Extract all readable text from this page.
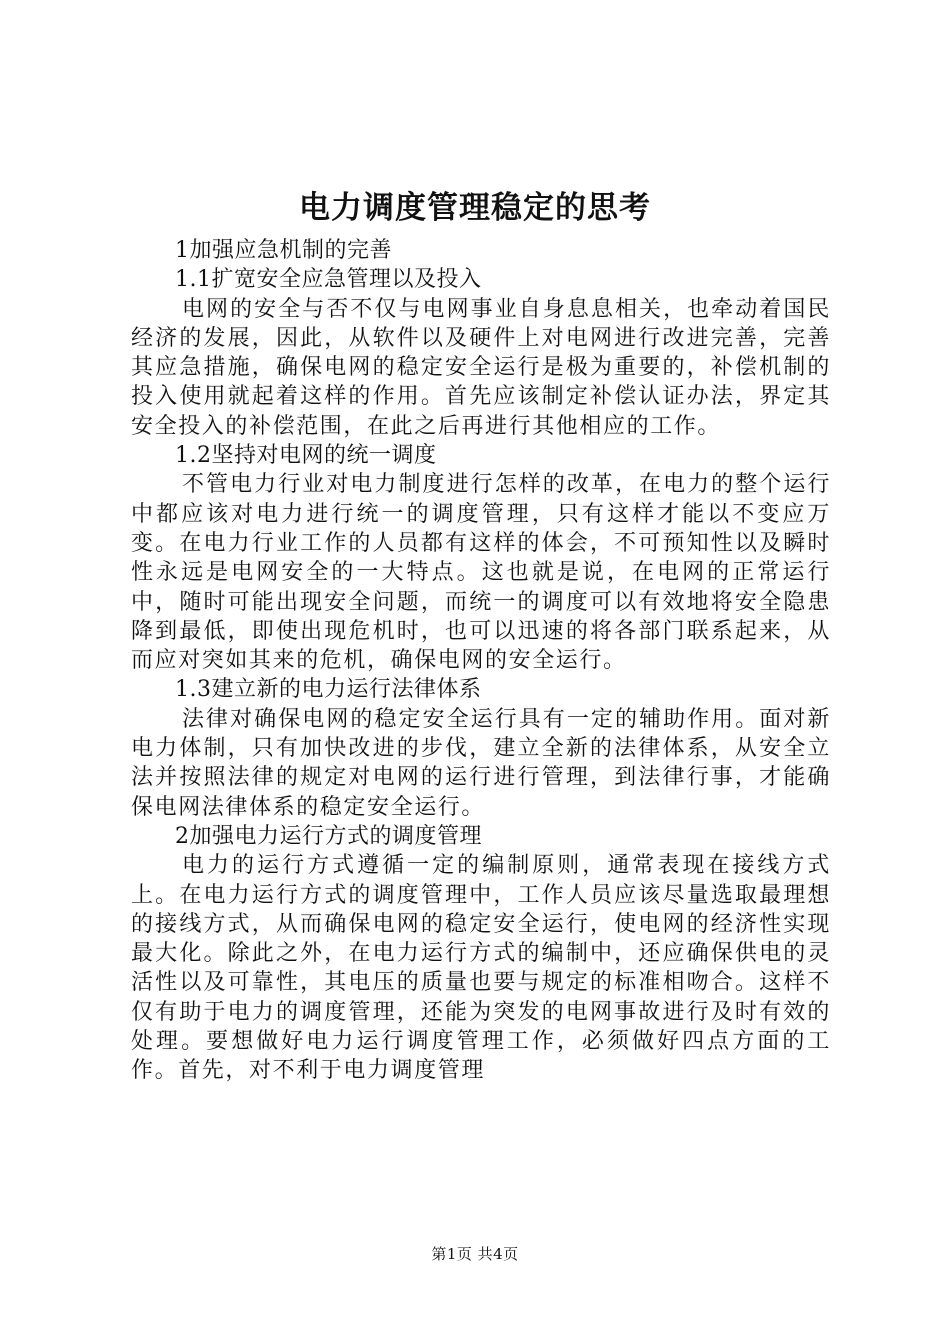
电力调度管理稳定的思考

1加强应急机制的完善

1.1扩宽安全应急管理以及投入

电网的安全与否不仅与电网事业自身息息相关，也牵动着国民经济的发展，因此，从软件以及硬件上对电网进行改进完善，完善其应急措施，确保电网的稳定安全运行是极为重要的，补偿机制的投入使用就起着这样的作用。首先应该制定补偿认证办法，界定其安全投入的补偿范围，在此之后再进行其他相应的工作。

1.2坚持对电网的统一调度

不管电力行业对电力制度进行怎样的改革，在电力的整个运行中都应该对电力进行统一的调度管理，只有这样才能以不变应万变。在电力行业工作的人员都有这样的体会，不可预知性以及瞬时性永远是电网安全的一大特点。这也就是说，在电网的正常运行中，随时可能出现安全问题，而统一的调度可以有效地将安全隐患降到最低，即使出现危机时，也可以迅速的将各部门联系起来，从而应对突如其来的危机，确保电网的安全运行。

1.3建立新的电力运行法律体系

法律对确保电网的稳定安全运行具有一定的辅助作用。面对新电力体制，只有加快改进的步伐，建立全新的法律体系，从安全立法并按照法律的规定对电网的运行进行管理，到法律行事，才能确保电网法律体系的稳定安全运行。

2加强电力运行方式的调度管理

电力的运行方式遵循一定的编制原则，通常表现在接线方式上。在电力运行方式的调度管理中，工作人员应该尽量选取最理想的接线方式，从而确保电网的稳定安全运行，使电网的经济性实现最大化。除此之外，在电力运行方式的编制中，还应确保供电的灵活性以及可靠性，其电压的质量也要与规定的标准相吻合。这样不仅有助于电力的调度管理，还能为突发的电网事故进行及时有效的处理。要想做好电力运行调度管理工作，必须做好四点方面的工作。首先，对不利于电力调度管理

第1页 共4页
